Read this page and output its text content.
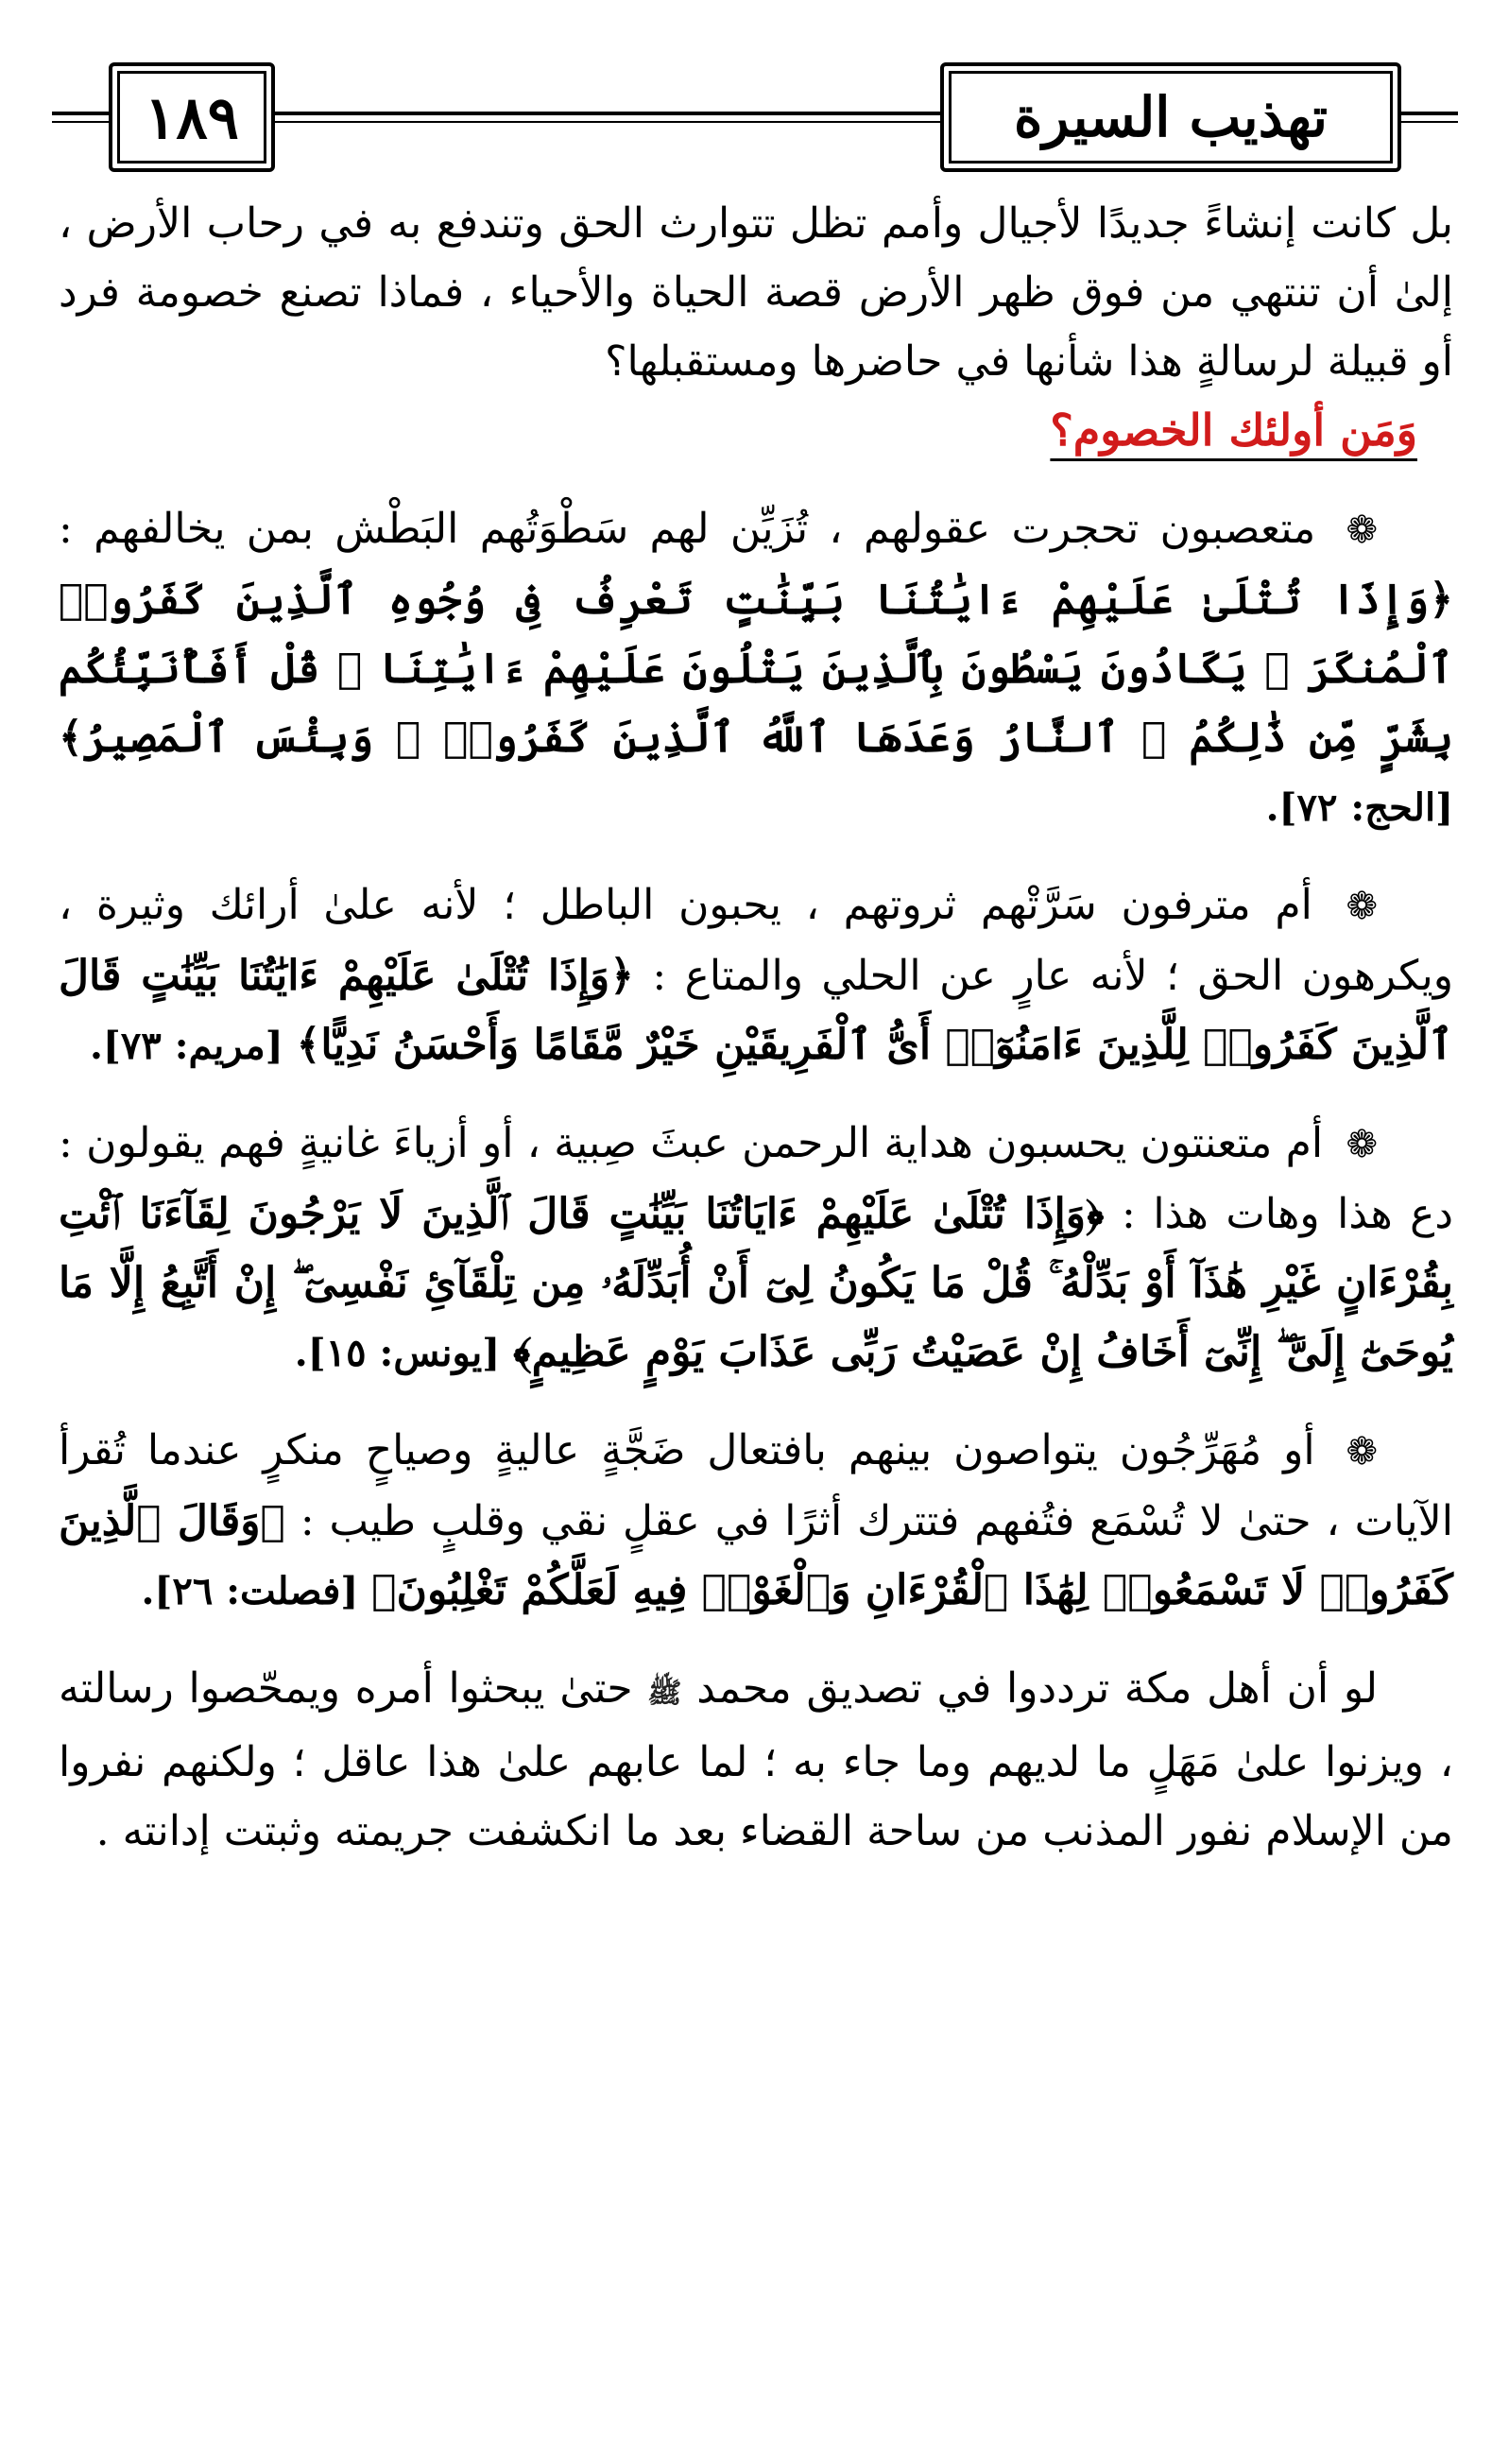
١٨٩	تهذيب السيرة

بل كانت إنشاءً جديدًا لأجيال وأمم تظل تتوارث الحق وتندفع به في رحاب الأرض ، إلىٰ أن تنتهي من فوق ظهر الأرض قصة الحياة والأحياء ، فماذا تصنع خصومة فرد أو قبيلة لرسالةٍ هذا شأنها في حاضرها ومستقبلها؟

وَمَن أولئك الخصوم؟

❁ متعصبون تحجرت عقولهم ، تُزَيِّن لهم سَطْوَتُهم البَطْش بمن يخالفهم : ﴿وَإِذَا تُتْلَىٰ عَلَيْهِمْ ءَايَٰتُنَا بَيِّنَٰتٍ تَعْرِفُ فِى وُجُوهِ ٱلَّذِينَ كَفَرُوا۟ ٱلْمُنكَرَ ۖ يَكَادُونَ يَسْطُونَ بِٱلَّذِينَ يَتْلُونَ عَلَيْهِمْ ءَايَٰتِنَا ۗ قُلْ أَفَأُنَبِّئُكُم بِشَرٍّ مِّن ذَٰلِكُمُ ۗ ٱلنَّارُ وَعَدَهَا ٱللَّهُ ٱلَّذِينَ كَفَرُوا۟ ۖ وَبِئْسَ ٱلْمَصِيرُ﴾ [الحج: ٧٢].

❁ أم مترفون سَرَّتْهم ثروتهم ، يحبون الباطل ؛ لأنه علىٰ أرائك وثيرة ، ويكرهون الحق ؛ لأنه عارٍ عن الحلي والمتاع : ﴿وَإِذَا تُتْلَىٰ عَلَيْهِمْ ءَايَٰتُنَا بَيِّنَٰتٍ قَالَ ٱلَّذِينَ كَفَرُوا۟ لِلَّذِينَ ءَامَنُوٓا۟ أَىُّ ٱلْفَرِيقَيْنِ خَيْرٌ مَّقَامًا وَأَحْسَنُ نَدِيًّا﴾ [مريم: ٧٣].

❁ أم متعنتون يحسبون هداية الرحمن عبثَ صِبية ، أو أزياءَ غانيةٍ فهم يقولون : دع هذا وهات هذا : ﴿وَإِذَا تُتْلَىٰ عَلَيْهِمْ ءَايَاتُنَا بَيِّنَٰتٍ قَالَ ٱلَّذِينَ لَا يَرْجُونَ لِقَآءَنَا ٱئْتِ بِقُرْءَانٍ غَيْرِ هَٰذَآ أَوْ بَدِّلْهُ ۚ قُلْ مَا يَكُونُ لِىٓ أَنْ أُبَدِّلَهُۥ مِن تِلْقَآئِ نَفْسِىٓ ۖ إِنْ أَتَّبِعُ إِلَّا مَا يُوحَىٰٓ إِلَىَّ ۖ إِنِّىٓ أَخَافُ إِنْ عَصَيْتُ رَبِّى عَذَابَ يَوْمٍ عَظِيمٍ﴾ [يونس: ١٥].

❁ أو مُهَرِّجُون يتواصون بينهم بافتعال ضَجَّةٍ عاليةٍ وصياحٍ منكرٍ عندما تُقرأ الآيات ، حتىٰ لا تُسْمَع فتُفهم فتترك أثرًا في عقلٍ نقي وقلبٍ طيب : ﴿وَقَالَ ٱلَّذِينَ كَفَرُوا۟ لَا تَسْمَعُوا۟ لِهَٰذَا ٱلْقُرْءَانِ وَٱلْغَوْا۟ فِيهِ لَعَلَّكُمْ تَغْلِبُونَ﴾ [فصلت: ٢٦].

لو أن أهل مكة ترددوا في تصديق محمد ﷺ حتىٰ يبحثوا أمره ويمحّصوا رسالته ، ويزنوا علىٰ مَهَلٍ ما لديهم وما جاء به ؛ لما عابهم علىٰ هذا عاقل ؛ ولكنهم نفروا من الإسلام نفور المذنب من ساحة القضاء بعد ما انكشفت جريمته وثبتت إدانته .
